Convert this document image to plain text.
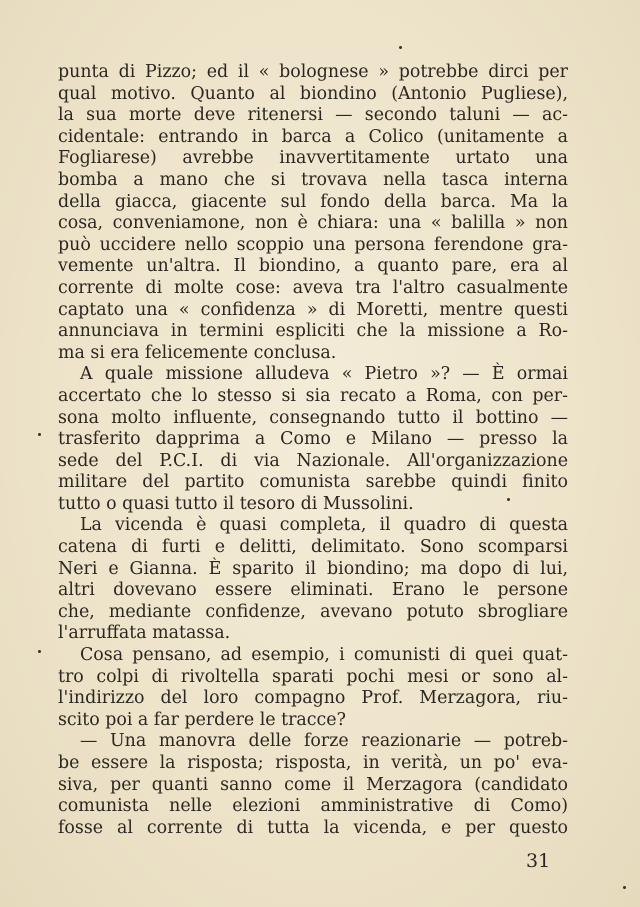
punta di Pizzo; ed il « bolognese » potrebbe dirci per
qual motivo. Quanto al biondino (Antonio Pugliese),
la sua morte deve ritenersi — secondo taluni — ac-
cidentale: entrando in barca a Colico (unitamente a
Fogliarese) avrebbe inavvertitamente urtato una
bomba a mano che si trovava nella tasca interna
della giacca, giacente sul fondo della barca. Ma la
cosa, conveniamone, non è chiara: una « balilla » non
può uccidere nello scoppio una persona ferendone gra-
vemente un'altra. Il biondino, a quanto pare, era al
corrente di molte cose: aveva tra l'altro casualmente
captato una « confidenza » di Moretti, mentre questi
annunciava in termini espliciti che la missione a Ro-
ma si era felicemente conclusa.
A quale missione alludeva « Pietro »? — È ormai
accertato che lo stesso si sia recato a Roma, con per-
sona molto influente, consegnando tutto il bottino —
trasferito dapprima a Como e Milano — presso la
sede del P.C.I. di via Nazionale. All'organizzazione
militare del partito comunista sarebbe quindi finito
tutto o quasi tutto il tesoro di Mussolini.
La vicenda è quasi completa, il quadro di questa
catena di furti e delitti, delimitato. Sono scomparsi
Neri e Gianna. È sparito il biondino; ma dopo di lui,
altri dovevano essere eliminati. Erano le persone
che, mediante confidenze, avevano potuto sbrogliare
l'arruffata matassa.
Cosa pensano, ad esempio, i comunisti di quei quat-
tro colpi di rivoltella sparati pochi mesi or sono al-
l'indirizzo del loro compagno Prof. Merzagora, riu-
scito poi a far perdere le tracce?
— Una manovra delle forze reazionarie — potreb-
be essere la risposta; risposta, in verità, un po' eva-
siva, per quanti sanno come il Merzagora (candidato
comunista nelle elezioni amministrative di Como)
fosse al corrente di tutta la vicenda, e per questo
31
